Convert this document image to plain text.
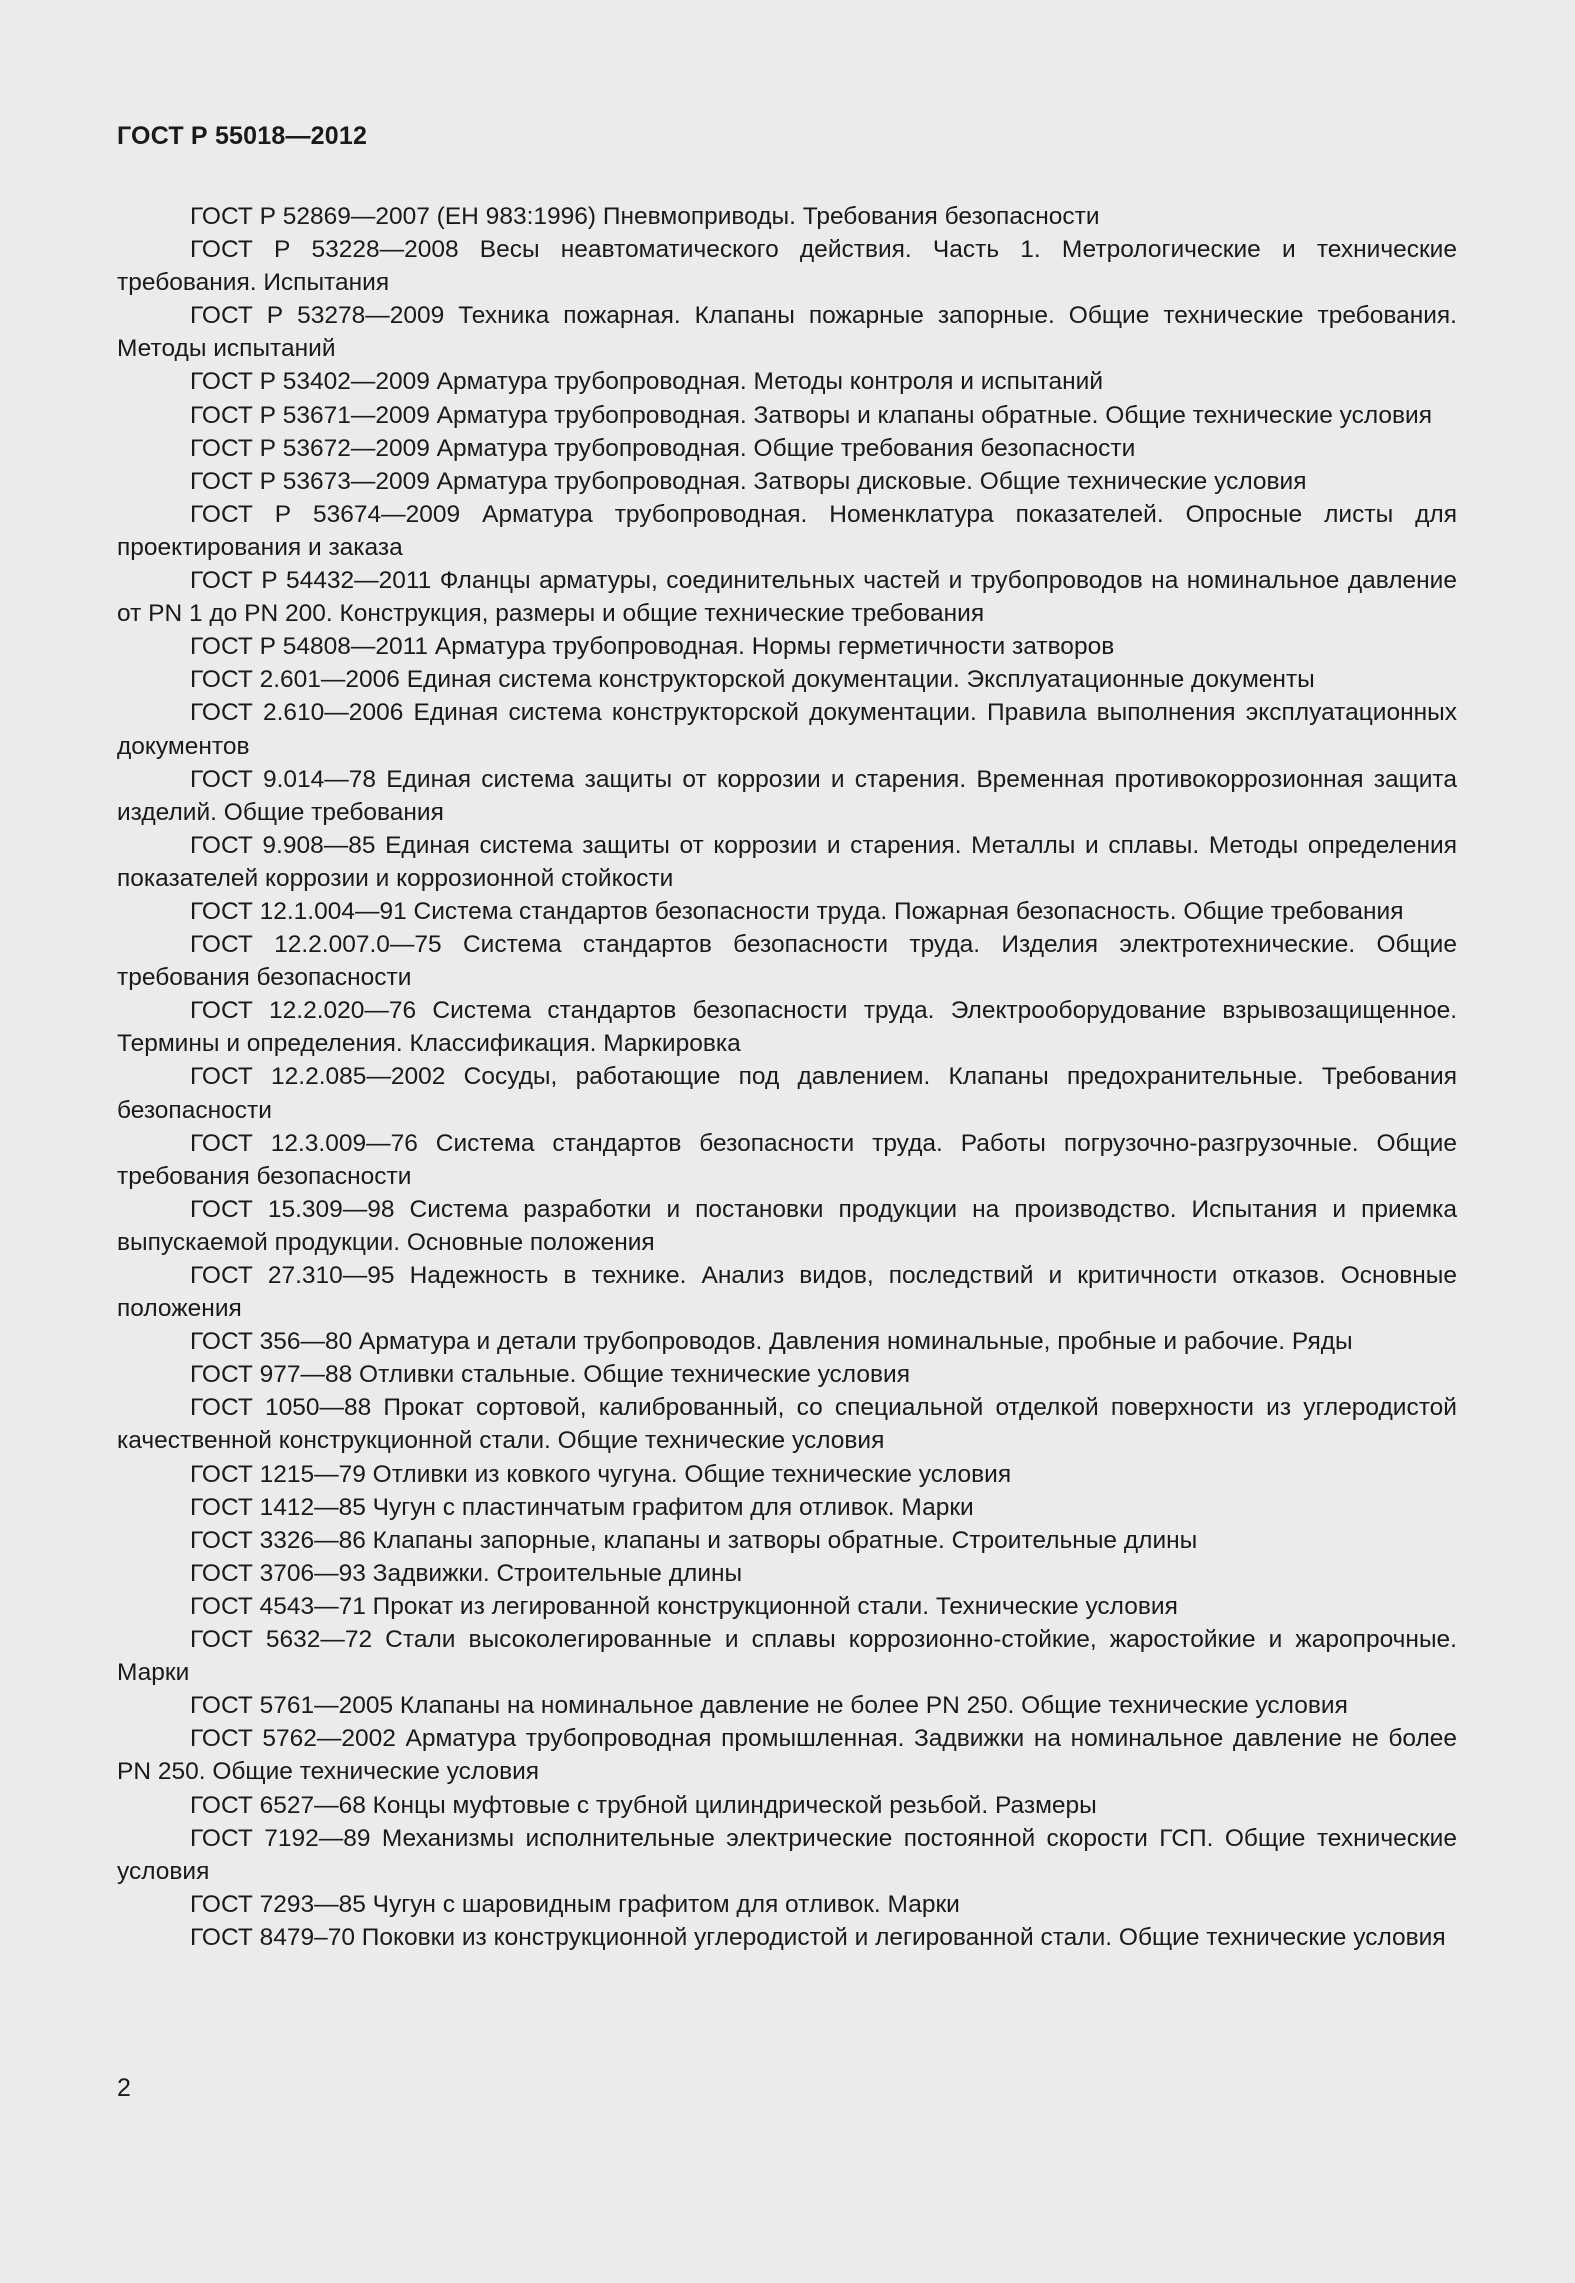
ГОСТ Р 55018—2012
ГОСТ Р 52869—2007 (ЕН 983:1996) Пневмоприводы. Требования безопасности
ГОСТ Р 53228—2008 Весы неавтоматического действия. Часть 1. Метрологические и технические требования. Испытания
ГОСТ Р 53278—2009 Техника пожарная. Клапаны пожарные запорные. Общие технические требования. Методы испытаний
ГОСТ Р 53402—2009 Арматура трубопроводная. Методы контроля и испытаний
ГОСТ Р 53671—2009 Арматура трубопроводная. Затворы и клапаны обратные. Общие технические условия
ГОСТ Р 53672—2009 Арматура трубопроводная. Общие требования безопасности
ГОСТ Р 53673—2009 Арматура трубопроводная. Затворы дисковые. Общие технические условия
ГОСТ Р 53674—2009 Арматура трубопроводная. Номенклатура показателей. Опросные листы для проектирования и заказа
ГОСТ Р 54432—2011 Фланцы арматуры, соединительных частей и трубопроводов на номинальное давление от PN 1 до PN 200. Конструкция, размеры и общие технические требования
ГОСТ Р 54808—2011 Арматура трубопроводная. Нормы герметичности затворов
ГОСТ 2.601—2006 Единая система конструкторской документации. Эксплуатационные документы
ГОСТ 2.610—2006 Единая система конструкторской документации. Правила выполнения эксплуатационных документов
ГОСТ 9.014—78 Единая система защиты от коррозии и старения. Временная противокоррозионная защита изделий. Общие требования
ГОСТ 9.908—85 Единая система защиты от коррозии и старения. Металлы и сплавы. Методы определения показателей коррозии и коррозионной стойкости
ГОСТ 12.1.004—91 Система стандартов безопасности труда. Пожарная безопасность. Общие требования
ГОСТ 12.2.007.0—75 Система стандартов безопасности труда. Изделия электротехнические. Общие требования безопасности
ГОСТ 12.2.020—76 Система стандартов безопасности труда. Электрооборудование взрывозащищенное. Термины и определения. Классификация. Маркировка
ГОСТ 12.2.085—2002 Сосуды, работающие под давлением. Клапаны предохранительные. Требования безопасности
ГОСТ 12.3.009—76 Система стандартов безопасности труда. Работы погрузочно-разгрузочные. Общие требования безопасности
ГОСТ 15.309—98 Система разработки и постановки продукции на производство. Испытания и приемка выпускаемой продукции. Основные положения
ГОСТ 27.310—95 Надежность в технике. Анализ видов, последствий и критичности отказов. Основные положения
ГОСТ 356—80 Арматура и детали трубопроводов. Давления номинальные, пробные и рабочие. Ряды
ГОСТ 977—88 Отливки стальные. Общие технические условия
ГОСТ 1050—88 Прокат сортовой, калиброванный, со специальной отделкой поверхности из углеродистой качественной конструкционной стали. Общие технические условия
ГОСТ 1215—79 Отливки из ковкого чугуна. Общие технические условия
ГОСТ 1412—85 Чугун с пластинчатым графитом для отливок. Марки
ГОСТ 3326—86 Клапаны запорные, клапаны и затворы обратные. Строительные длины
ГОСТ 3706—93 Задвижки. Строительные длины
ГОСТ 4543—71 Прокат из легированной конструкционной стали. Технические условия
ГОСТ 5632—72 Стали высоколегированные и сплавы коррозионно-стойкие, жаростойкие и жаропрочные. Марки
ГОСТ 5761—2005 Клапаны на номинальное давление не более PN 250. Общие технические условия
ГОСТ 5762—2002 Арматура трубопроводная промышленная. Задвижки на номинальное давление не более PN 250. Общие технические условия
ГОСТ 6527—68 Концы муфтовые с трубной цилиндрической резьбой. Размеры
ГОСТ 7192—89 Механизмы исполнительные электрические постоянной скорости ГСП. Общие технические условия
ГОСТ 7293—85 Чугун с шаровидным графитом для отливок. Марки
ГОСТ 8479–70 Поковки из конструкционной углеродистой и легированной стали. Общие технические условия
2
